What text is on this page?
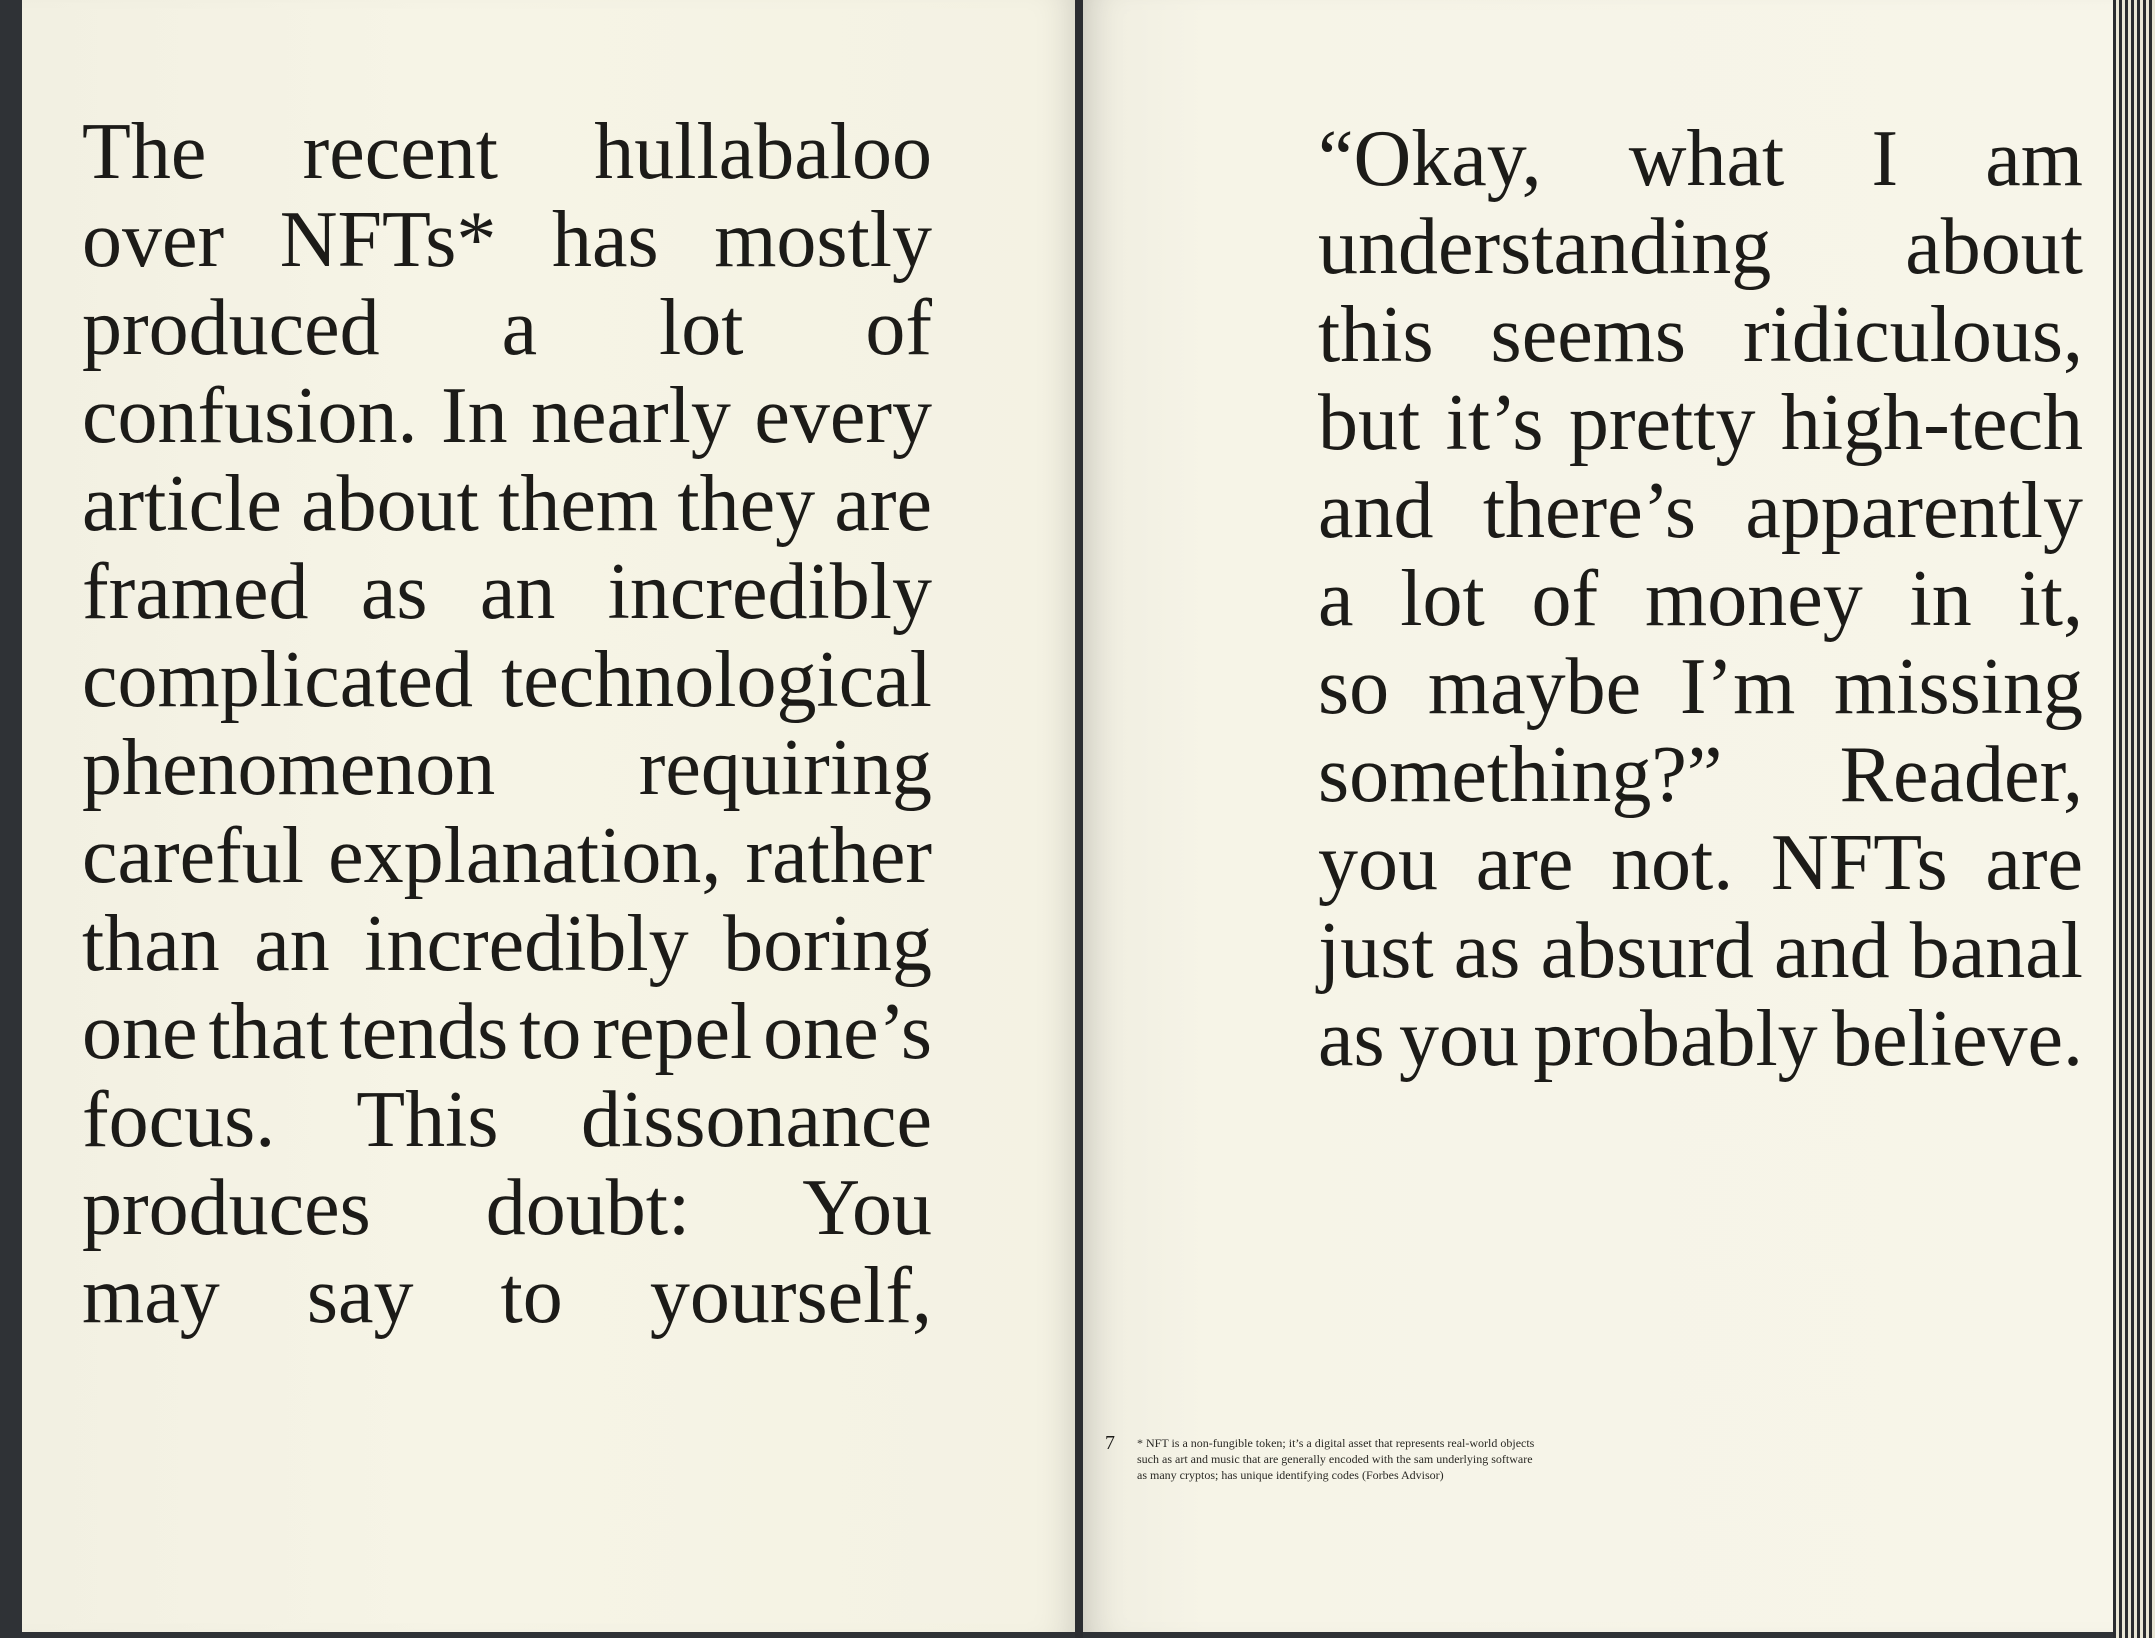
The recent hullabaloo
over NFTs* has mostly
produced a lot of
confusion. In nearly every
article about them they are
framed as an incredibly
complicated technological
phenomenon requiring
careful explanation, rather
than an incredibly boring
one that tends to repel one’s
focus. This dissonance
produces doubt: You
may say to yourself,
“Okay, what I am
understanding about
this seems ridiculous,
but it’s pretty high-tech
and there’s apparently
a lot of money in it,
so maybe I’m missing
something?” Reader,
you are not. NFTs are
just as absurd and banal
as you probably believe.
7 * NFT is a non-fungible token; it’s a digital asset that represents real-world objects such as art and music that are generally encoded with the sam underlying software as many cryptos; has unique identifying codes (Forbes Advisor)
